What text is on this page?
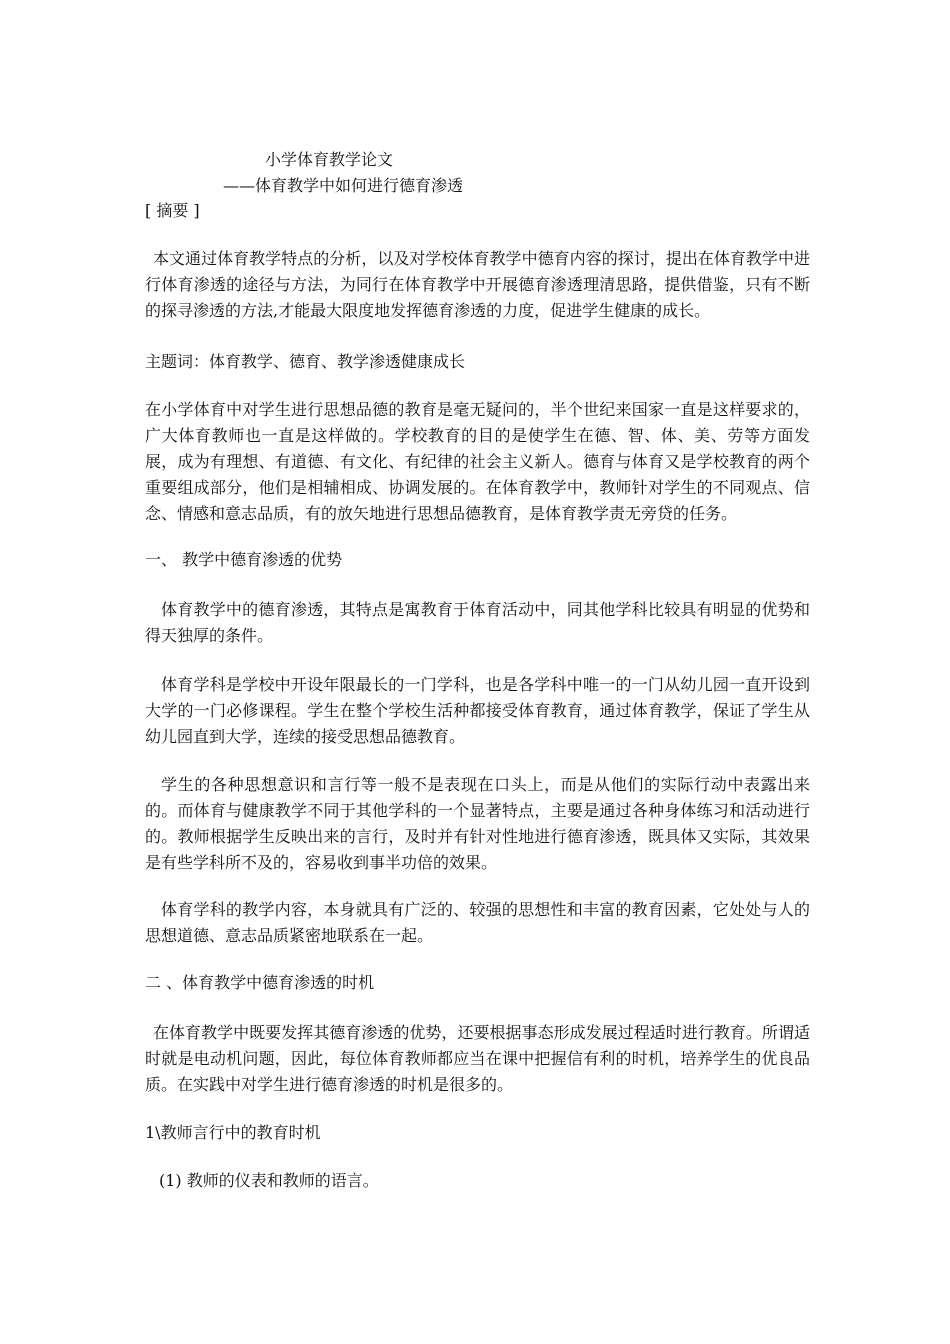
小学体育教学论文
——体育教学中如何进行德育渗透
[ 摘要 ]
本文通过体育教学特点的分析，以及对学校体育教学中德育内容的探讨，提出在体育教学中进行体育渗透的途径与方法，为同行在体育教学中开展德育渗透理清思路，提供借鉴，只有不断的探寻渗透的方法,才能最大限度地发挥德育渗透的力度，促进学生健康的成长。
主题词：体育教学、德育、教学渗透健康成长
在小学体育中对学生进行思想品德的教育是毫无疑问的，半个世纪来国家一直是这样要求的，广大体育教师也一直是这样做的。学校教育的目的是使学生在德、智、体、美、劳等方面发展，成为有理想、有道德、有文化、有纪律的社会主义新人。德育与体育又是学校教育的两个重要组成部分，他们是相辅相成、协调发展的。在体育教学中，教师针对学生的不同观点、信念、情感和意志品质，有的放矢地进行思想品德教育，是体育教学责无旁贷的任务。
一、 教学中德育渗透的优势
体育教学中的德育渗透，其特点是寓教育于体育活动中，同其他学科比较具有明显的优势和得天独厚的条件。
体育学科是学校中开设年限最长的一门学科，也是各学科中唯一的一门从幼儿园一直开设到大学的一门必修课程。学生在整个学校生活种都接受体育教育，通过体育教学，保证了学生从幼儿园直到大学，连续的接受思想品德教育。
学生的各种思想意识和言行等一般不是表现在口头上，而是从他们的实际行动中表露出来的。而体育与健康教学不同于其他学科的一个显著特点，主要是通过各种身体练习和活动进行的。教师根据学生反映出来的言行，及时并有针对性地进行德育渗透，既具体又实际，其效果是有些学科所不及的，容易收到事半功倍的效果。
体育学科的教学内容，本身就具有广泛的、较强的思想性和丰富的教育因素，它处处与人的思想道德、意志品质紧密地联系在一起。
二 、体育教学中德育渗透的时机
在体育教学中既要发挥其德育渗透的优势，还要根据事态形成发展过程适时进行教育。所谓适时就是电动机问题，因此，每位体育教师都应当在课中把握信有利的时机，培养学生的优良品质。在实践中对学生进行德育渗透的时机是很多的。
1\教师言行中的教育时机
(1) 教师的仪表和教师的语言。
